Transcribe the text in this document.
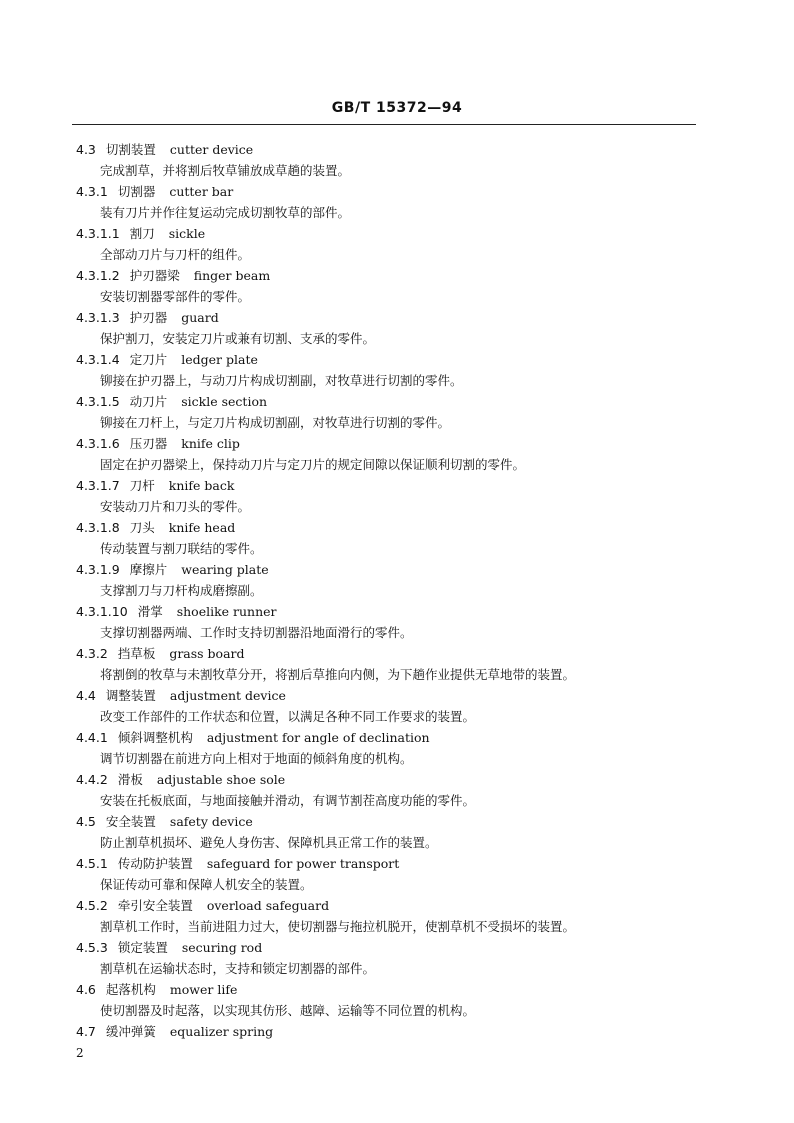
GB/T 15372—94
4.3 切割装置 cutter device
完成割草，并将割后牧草铺放成草趟的装置。
4.3.1 切割器 cutter bar
装有刀片并作往复运动完成切割牧草的部件。
4.3.1.1 割刀 sickle
全部动刀片与刀杆的组件。
4.3.1.2 护刃器梁 finger beam
安装切割器零部件的零件。
4.3.1.3 护刃器 guard
保护割刀，安装定刀片或兼有切割、支承的零件。
4.3.1.4 定刀片 ledger plate
铆接在护刃器上，与动刀片构成切割副，对牧草进行切割的零件。
4.3.1.5 动刀片 sickle section
铆接在刀杆上，与定刀片构成切割副，对牧草进行切割的零件。
4.3.1.6 压刃器 knife clip
固定在护刃器梁上，保持动刀片与定刀片的规定间隙以保证顺利切割的零件。
4.3.1.7 刀杆 knife back
安装动刀片和刀头的零件。
4.3.1.8 刀头 knife head
传动装置与割刀联结的零件。
4.3.1.9 摩擦片 wearing plate
支撑割刀与刀杆构成磨擦副。
4.3.1.10 滑掌 shoelike runner
支撑切割器两端、工作时支持切割器沿地面滑行的零件。
4.3.2 挡草板 grass board
将割倒的牧草与未割牧草分开，将割后草推向内侧，为下趟作业提供无草地带的装置。
4.4 调整装置 adjustment device
改变工作部件的工作状态和位置，以满足各种不同工作要求的装置。
4.4.1 倾斜调整机构 adjustment for angle of declination
调节切割器在前进方向上相对于地面的倾斜角度的机构。
4.4.2 滑板 adjustable shoe sole
安装在托板底面，与地面接触并滑动，有调节割茬高度功能的零件。
4.5 安全装置 safety device
防止割草机损坏、避免人身伤害、保障机具正常工作的装置。
4.5.1 传动防护装置 safeguard for power transport
保证传动可靠和保障人机安全的装置。
4.5.2 牵引安全装置 overload safeguard
割草机工作时，当前进阻力过大，使切割器与拖拉机脱开，使割草机不受损坏的装置。
4.5.3 锁定装置 securing rod
割草机在运输状态时，支持和锁定切割器的部件。
4.6 起落机构 mower life
使切割器及时起落，以实现其仿形、越障、运输等不同位置的机构。
4.7 缓冲弹簧 equalizer spring
2
